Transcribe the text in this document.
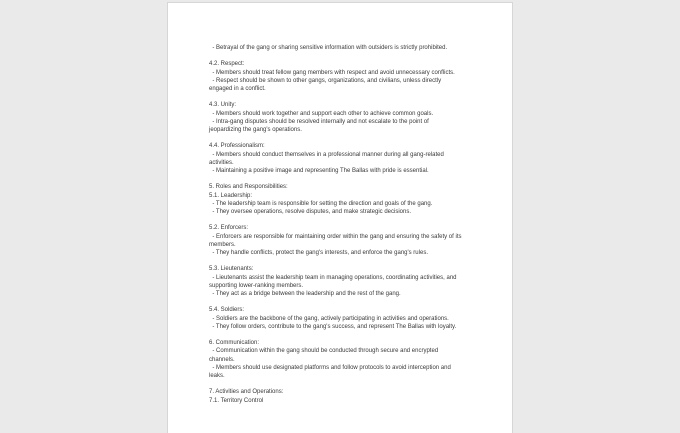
- Betrayal of the gang or sharing sensitive information with outsiders is strictly prohibited.
4.2. Respect:
- Members should treat fellow gang members with respect and avoid unnecessary conflicts.
- Respect should be shown to other gangs, organizations, and civilians, unless directly
engaged in a conflict.
4.3. Unity:
- Members should work together and support each other to achieve common goals.
- Intra-gang disputes should be resolved internally and not escalate to the point of
jeopardizing the gang's operations.
4.4. Professionalism:
- Members should conduct themselves in a professional manner during all gang-related
activities.
- Maintaining a positive image and representing The Ballas with pride is essential.
5. Roles and Responsibilities:
5.1. Leadership:
- The leadership team is responsible for setting the direction and goals of the gang.
- They oversee operations, resolve disputes, and make strategic decisions.
5.2. Enforcers:
- Enforcers are responsible for maintaining order within the gang and ensuring the safety of its
members.
- They handle conflicts, protect the gang's interests, and enforce the gang's rules.
5.3. Lieutenants:
- Lieutenants assist the leadership team in managing operations, coordinating activities, and
supporting lower-ranking members.
- They act as a bridge between the leadership and the rest of the gang.
5.4. Soldiers:
- Soldiers are the backbone of the gang, actively participating in activities and operations.
- They follow orders, contribute to the gang's success, and represent The Ballas with loyalty.
6. Communication:
- Communication within the gang should be conducted through secure and encrypted
channels.
- Members should use designated platforms and follow protocols to avoid interception and
leaks.
7. Activities and Operations:
7.1. Territory Control
